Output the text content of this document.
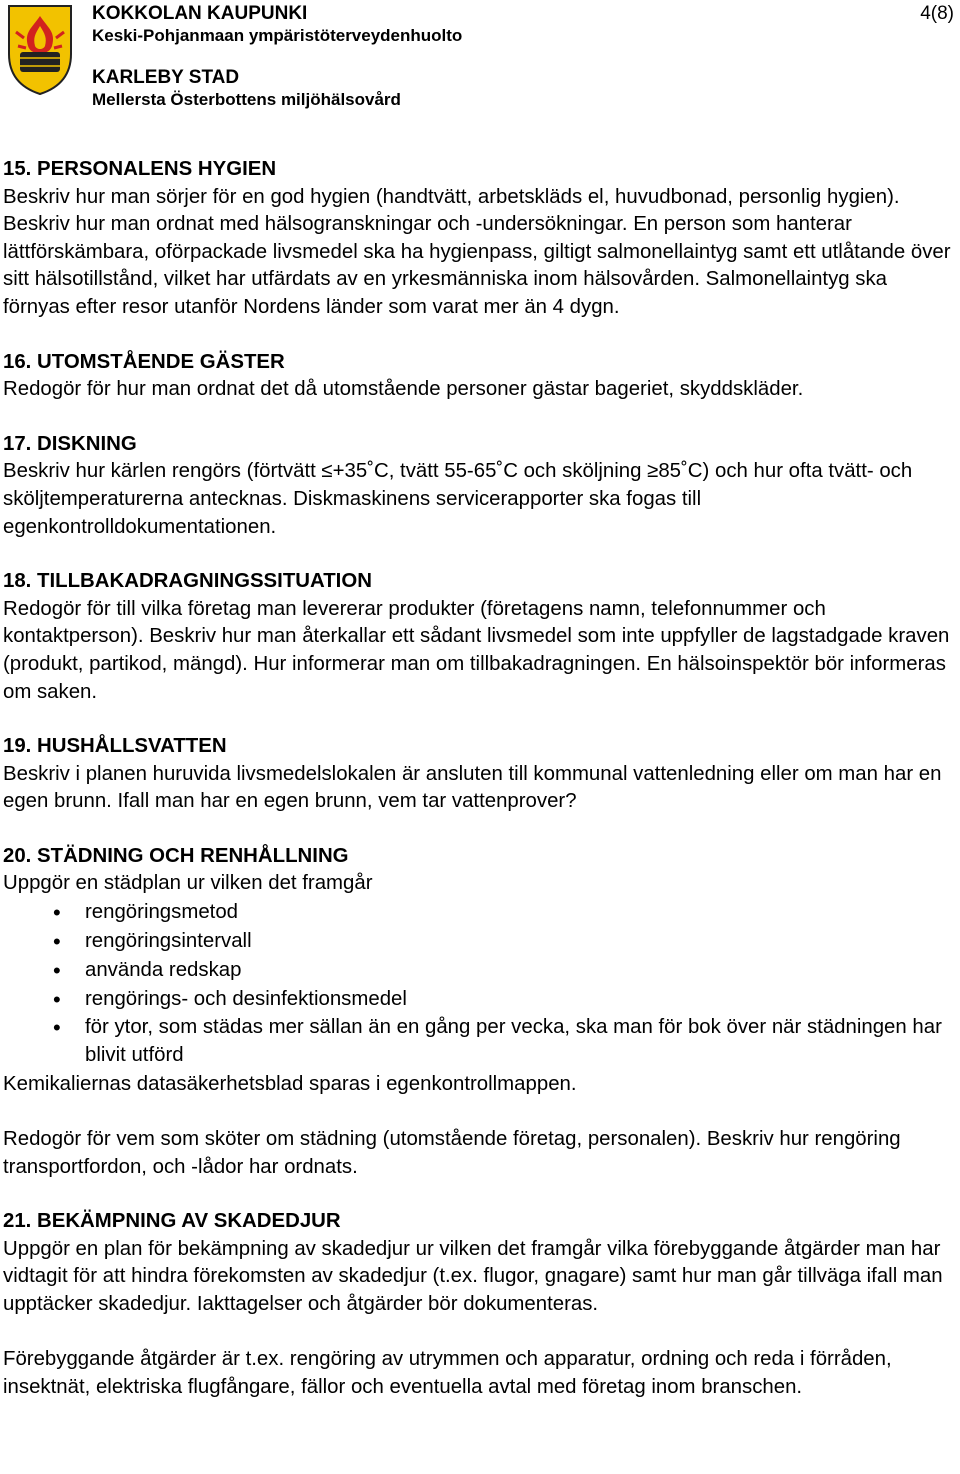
KOKKOLAN KAUPUNKI
Keski-Pohjanmaan ympäristöterveydenhuolto
KARLEBY STAD
Mellersta Österbottens miljöhälsovård
4(8)
15. PERSONALENS HYGIEN

Beskriv hur man sörjer för en god hygien (handtvätt, arbetskläds el, huvudbonad, personlig hygien). Beskriv hur man ordnat med hälsogranskningar och -undersökningar. En person som hanterar lättförskämbara, oförpackade livsmedel ska ha hygienpass, giltigt salmonellaintyg samt ett utlåtande över sitt hälsotillstånd, vilket har utfärdats av en yrkesmänniska inom hälsovården. Salmonellaintyg ska förnyas efter resor utanför Nordens länder som varat mer än 4 dygn.

16. UTOMSTÅENDE GÄSTER

Redogör för hur man ordnat det då utomstående personer gästar bageriet, skyddskläder.

17. DISKNING

Beskriv hur kärlen rengörs (förtvätt ≤+35˚C, tvätt 55-65˚C och sköljning ≥85˚C) och hur ofta tvätt- och sköljtemperaturerna antecknas. Diskmaskinens servicerapporter ska fogas till egenkontrolldokumentationen.

18. TILLBAKADRAGNINGSSITUATION

Redogör för till vilka företag man levererar produkter (företagens namn, telefonnummer och kontaktperson). Beskriv hur man återkallar ett sådant livsmedel som inte uppfyller de lagstadgade kraven (produkt, partikod, mängd). Hur informerar man om tillbakadragningen. En hälsoinspektör bör informeras om saken.

19. HUSHÅLLSVATTEN

Beskriv i planen huruvida livsmedelslokalen är ansluten till kommunal vattenledning eller om man har en egen brunn. Ifall man har en egen brunn, vem tar vattenprover?

20. STÄDNING OCH RENHÅLLNING

Uppgör en städplan ur vilken det framgår

• rengöringsmetod
• rengöringsintervall
• använda redskap
• rengörings- och desinfektionsmedel
• för ytor, som städas mer sällan än en gång per vecka, ska man för bok över när städningen har blivit utförd

Kemikaliernas datasäkerhetsblad sparas i egenkontrollmappen.

Redogör för vem som sköter om städning (utomstående företag, personalen). Beskriv hur rengöring transportfordon, och -lådor har ordnats.

21. BEKÄMPNING AV SKADEDJUR

Uppgör en plan för bekämpning av skadedjur ur vilken det framgår vilka förebyggande åtgärder man har vidtagit för att hindra förekomsten av skadedjur (t.ex. flugor, gnagare) samt hur man går tillväga ifall man upptäcker skadedjur. Iakttagelser och åtgärder bör dokumenteras.

Förebyggande åtgärder är t.ex. rengöring av utrymmen och apparatur, ordning och reda i förråden, insektnät, elektriska flugfångare, fällor och eventuella avtal med företag inom branschen.
